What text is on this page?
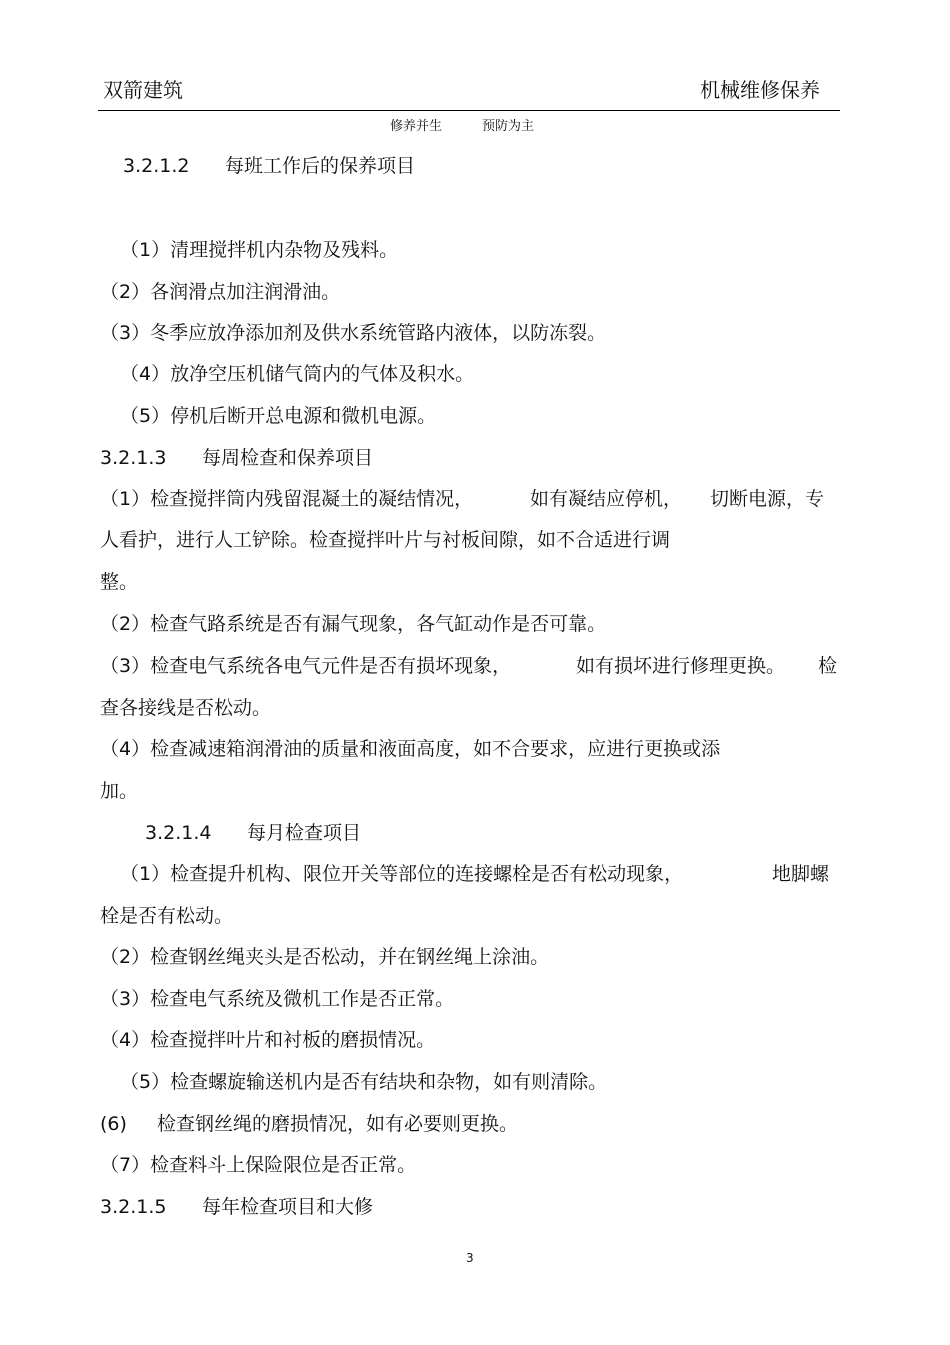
双箭建筑	机械维修保养
修养并生	预防为主
3.2.1.2 每班工作后的保养项目
（1）清理搅拌机内杂物及残料。
（2）各润滑点加注润滑油。
（3）冬季应放净添加剂及供水系统管路内液体，以防冻裂。
（4）放净空压机储气筒内的气体及积水。
（5）停机后断开总电源和微机电源。
3.2.1.3 每周检查和保养项目
（1）检查搅拌筒内残留混凝土的凝结情况，	如有凝结应停机， 切断电源，专
人看护，进行人工铲除。检查搅拌叶片与衬板间隙，如不合适进行调
整。
（2）检查气路系统是否有漏气现象，各气缸动作是否可靠。
（3）检查电气系统各电气元件是否有损坏现象，	如有损坏进行修理更换。 检
查各接线是否松动。
（4）检查减速箱润滑油的质量和液面高度，如不合要求，应进行更换或添
加。
3.2.1.4 每月检查项目
（1）检查提升机构、限位开关等部位的连接螺栓是否有松动现象，	地脚螺
栓是否有松动。
（2）检查钢丝绳夹头是否松动，并在钢丝绳上涂油。
（3）检查电气系统及微机工作是否正常。
（4）检查搅拌叶片和衬板的磨损情况。
（5）检查螺旋输送机内是否有结块和杂物，如有则清除。
(6) 检查钢丝绳的磨损情况，如有必要则更换。
（7）检查料斗上保险限位是否正常。
3.2.1.5 每年检查项目和大修
3
